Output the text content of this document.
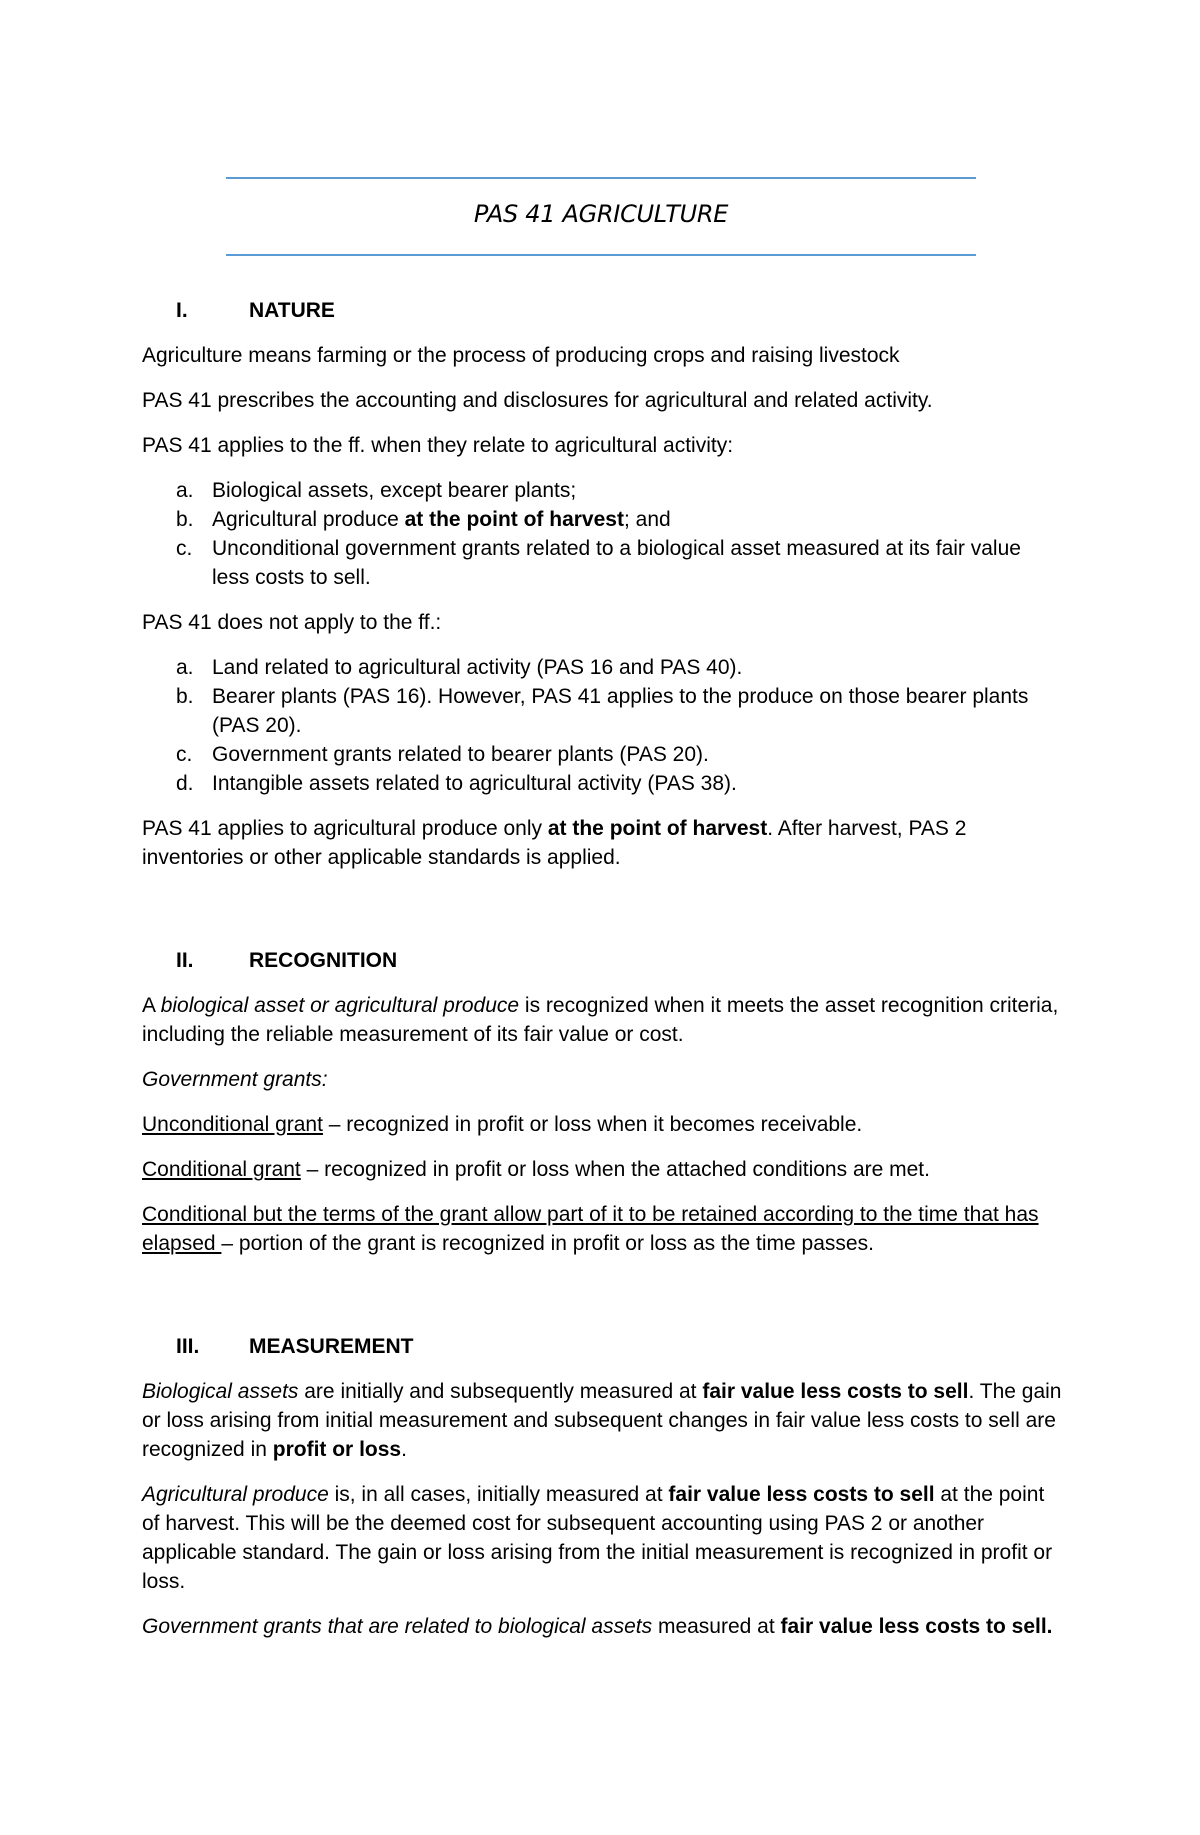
PAS 41 AGRICULTURE
I.	NATURE

Agriculture means farming or the process of producing crops and raising livestock

PAS 41 prescribes the accounting and disclosures for agricultural and related activity.

PAS 41 applies to the ff. when they relate to agricultural activity:

a. Biological assets, except bearer plants;
b. Agricultural produce at the point of harvest; and
c. Unconditional government grants related to a biological asset measured at its fair value less costs to sell.

PAS 41 does not apply to the ff.:

a. Land related to agricultural activity (PAS 16 and PAS 40).
b. Bearer plants (PAS 16). However, PAS 41 applies to the produce on those bearer plants (PAS 20).
c. Government grants related to bearer plants (PAS 20).
d. Intangible assets related to agricultural activity (PAS 38).

PAS 41 applies to agricultural produce only at the point of harvest. After harvest, PAS 2 inventories or other applicable standards is applied.

II.	RECOGNITION

A biological asset or agricultural produce is recognized when it meets the asset recognition criteria, including the reliable measurement of its fair value or cost.

Government grants:

Unconditional grant – recognized in profit or loss when it becomes receivable.

Conditional grant – recognized in profit or loss when the attached conditions are met.

Conditional but the terms of the grant allow part of it to be retained according to the time that has elapsed – portion of the grant is recognized in profit or loss as the time passes.

III.	MEASUREMENT

Biological assets are initially and subsequently measured at fair value less costs to sell. The gain or loss arising from initial measurement and subsequent changes in fair value less costs to sell are recognized in profit or loss.

Agricultural produce is, in all cases, initially measured at fair value less costs to sell at the point of harvest. This will be the deemed cost for subsequent accounting using PAS 2 or another applicable standard. The gain or loss arising from the initial measurement is recognized in profit or loss.

Government grants that are related to biological assets measured at fair value less costs to sell.
